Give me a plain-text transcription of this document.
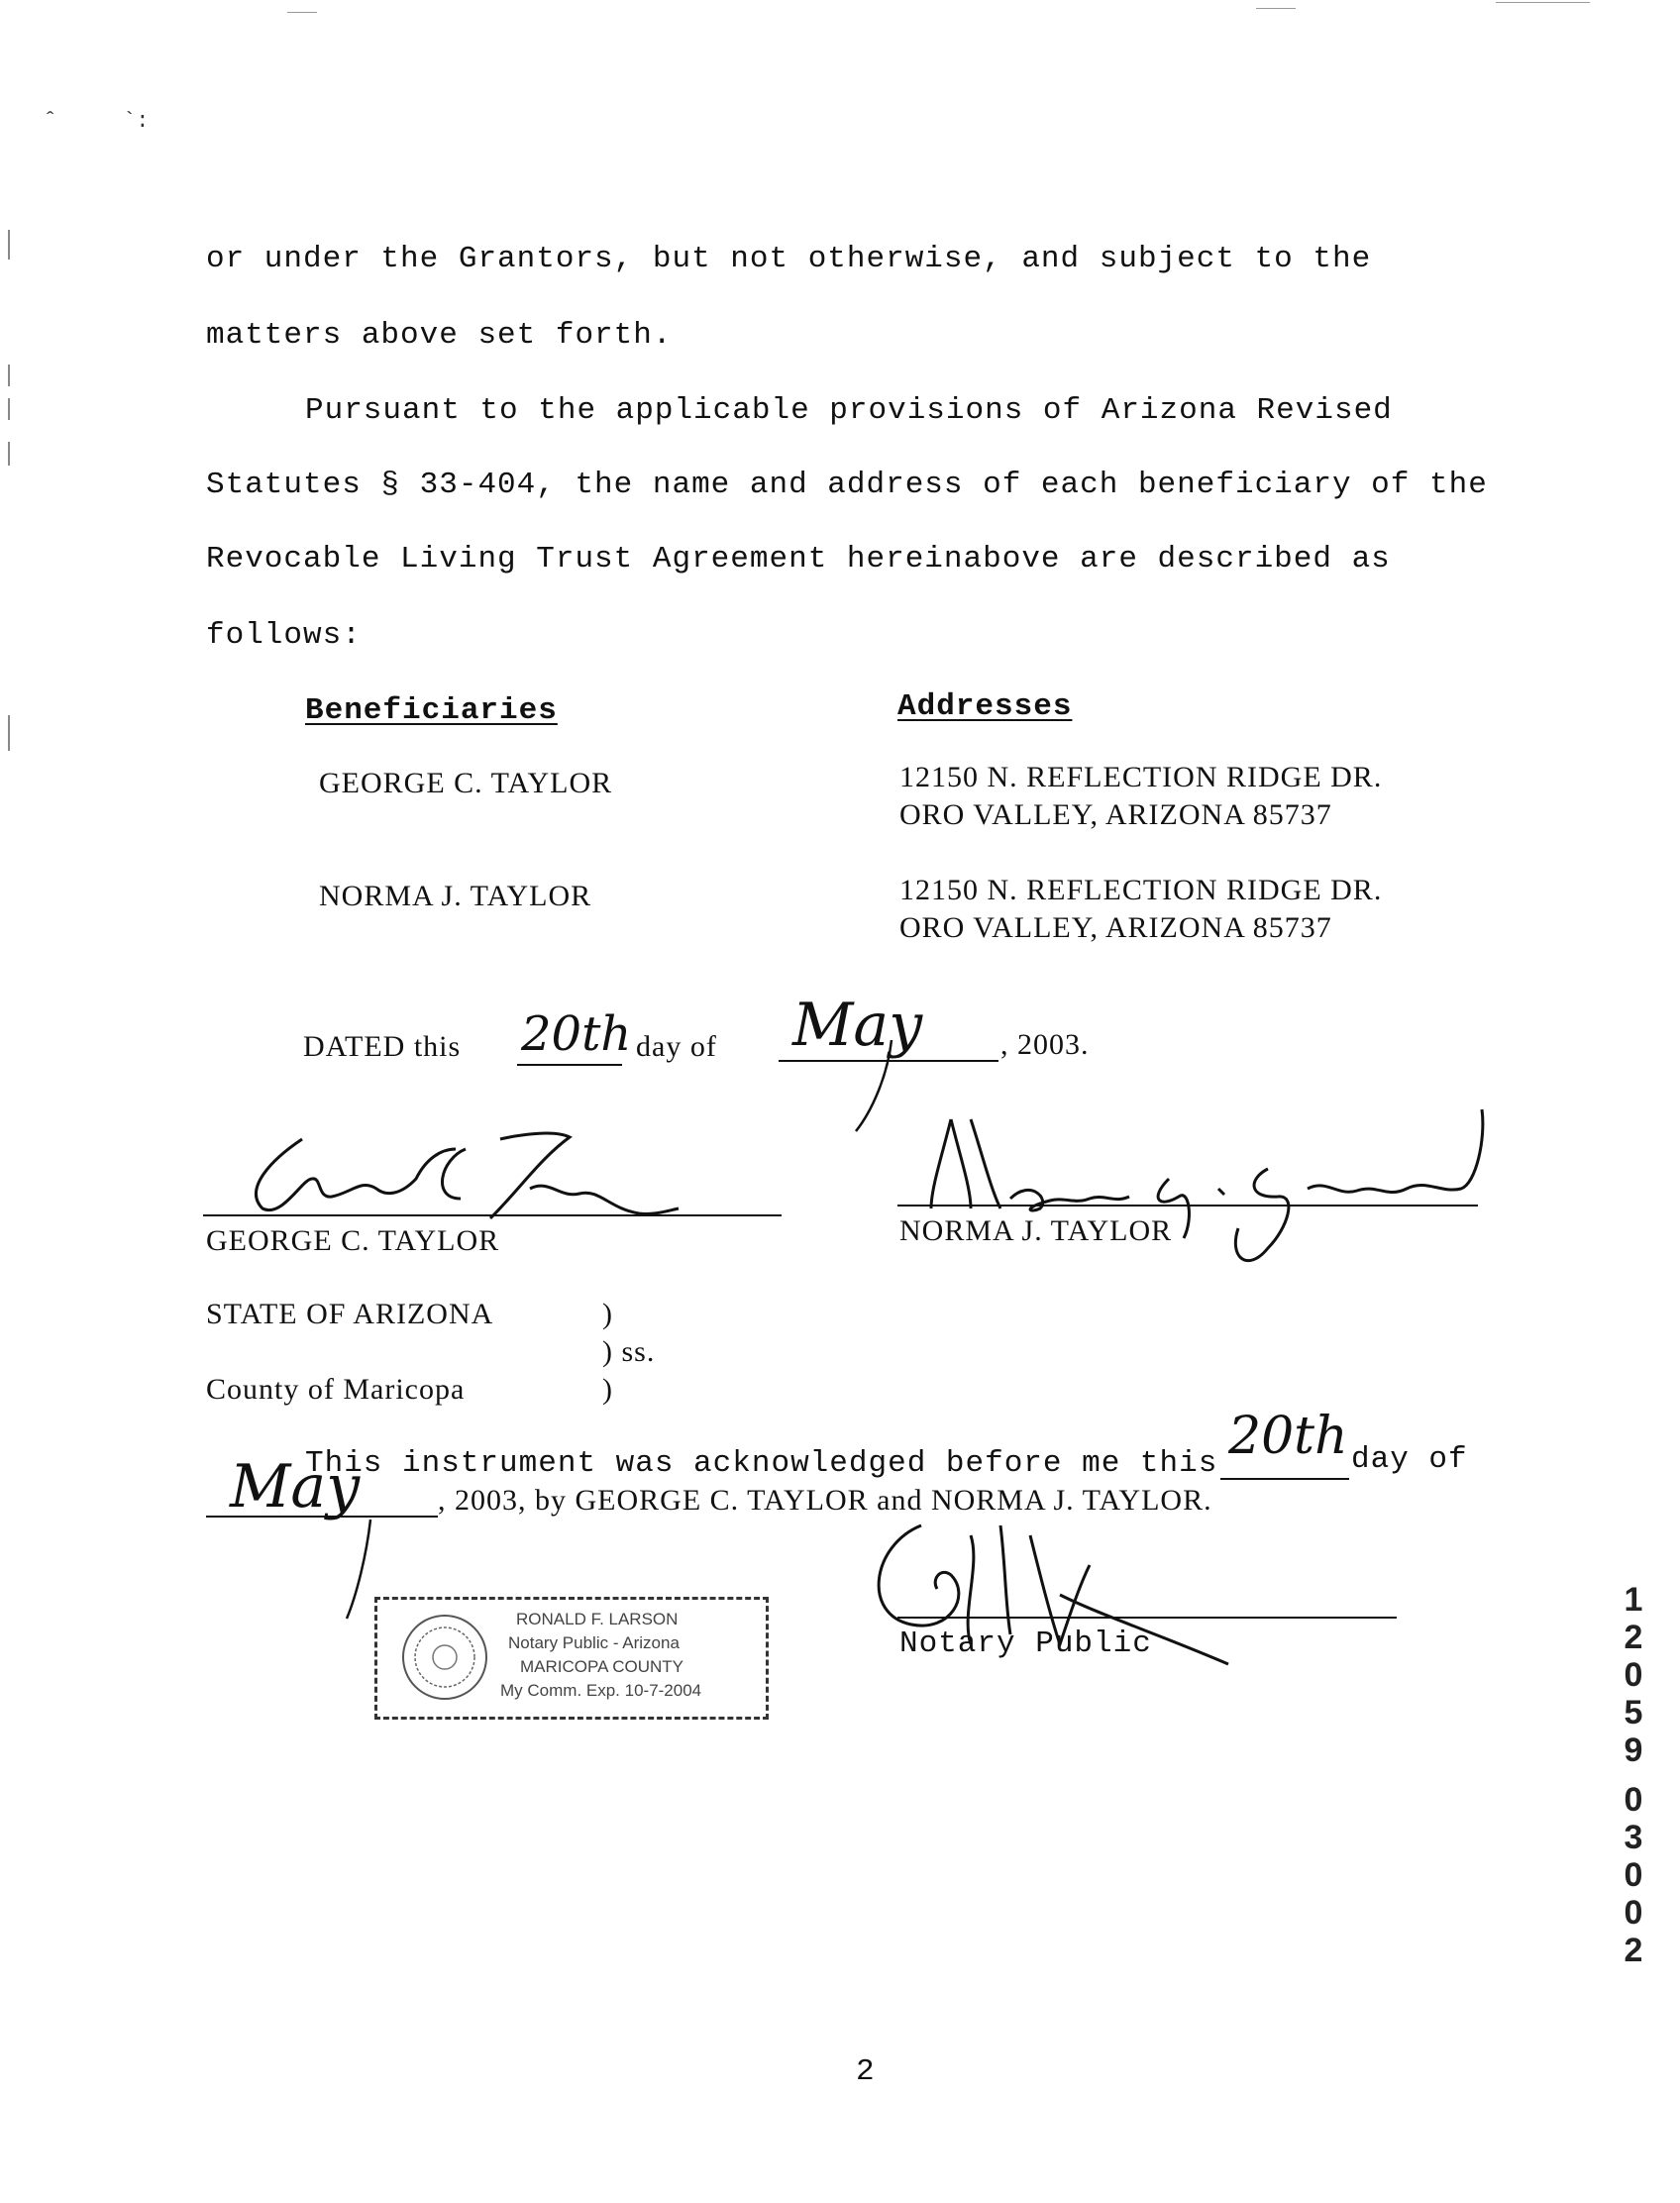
ˆ	`:
or under the Grantors, but not otherwise, and subject to the
matters above set forth.
Pursuant to the applicable provisions of Arizona Revised
Statutes § 33-404, the name and address of each beneficiary of the
Revocable Living Trust Agreement hereinabove are described as
follows:
Beneficiaries	Addresses
GEORGE C. TAYLOR	12150 N. REFLECTION RIDGE DR.
ORO VALLEY, ARIZONA 85737
NORMA J. TAYLOR	12150 N. REFLECTION RIDGE DR.
ORO VALLEY, ARIZONA 85737
DATED this 20th day of May	, 2003.
GEORGE C. TAYLOR	NORMA J. TAYLOR
STATE OF ARIZONA	)
) ss.
County of Maricopa	)
This instrument was acknowledged before me this 20th day of
May	, 2003, by GEORGE C. TAYLOR and NORMA J. TAYLOR.
Notary Public
RONALD F. LARSON
Notary Public - Arizona
MARICOPA COUNTY
My Comm. Exp. 10-7-2004
1
2
0
5
9
0
3
0
0
2
2
